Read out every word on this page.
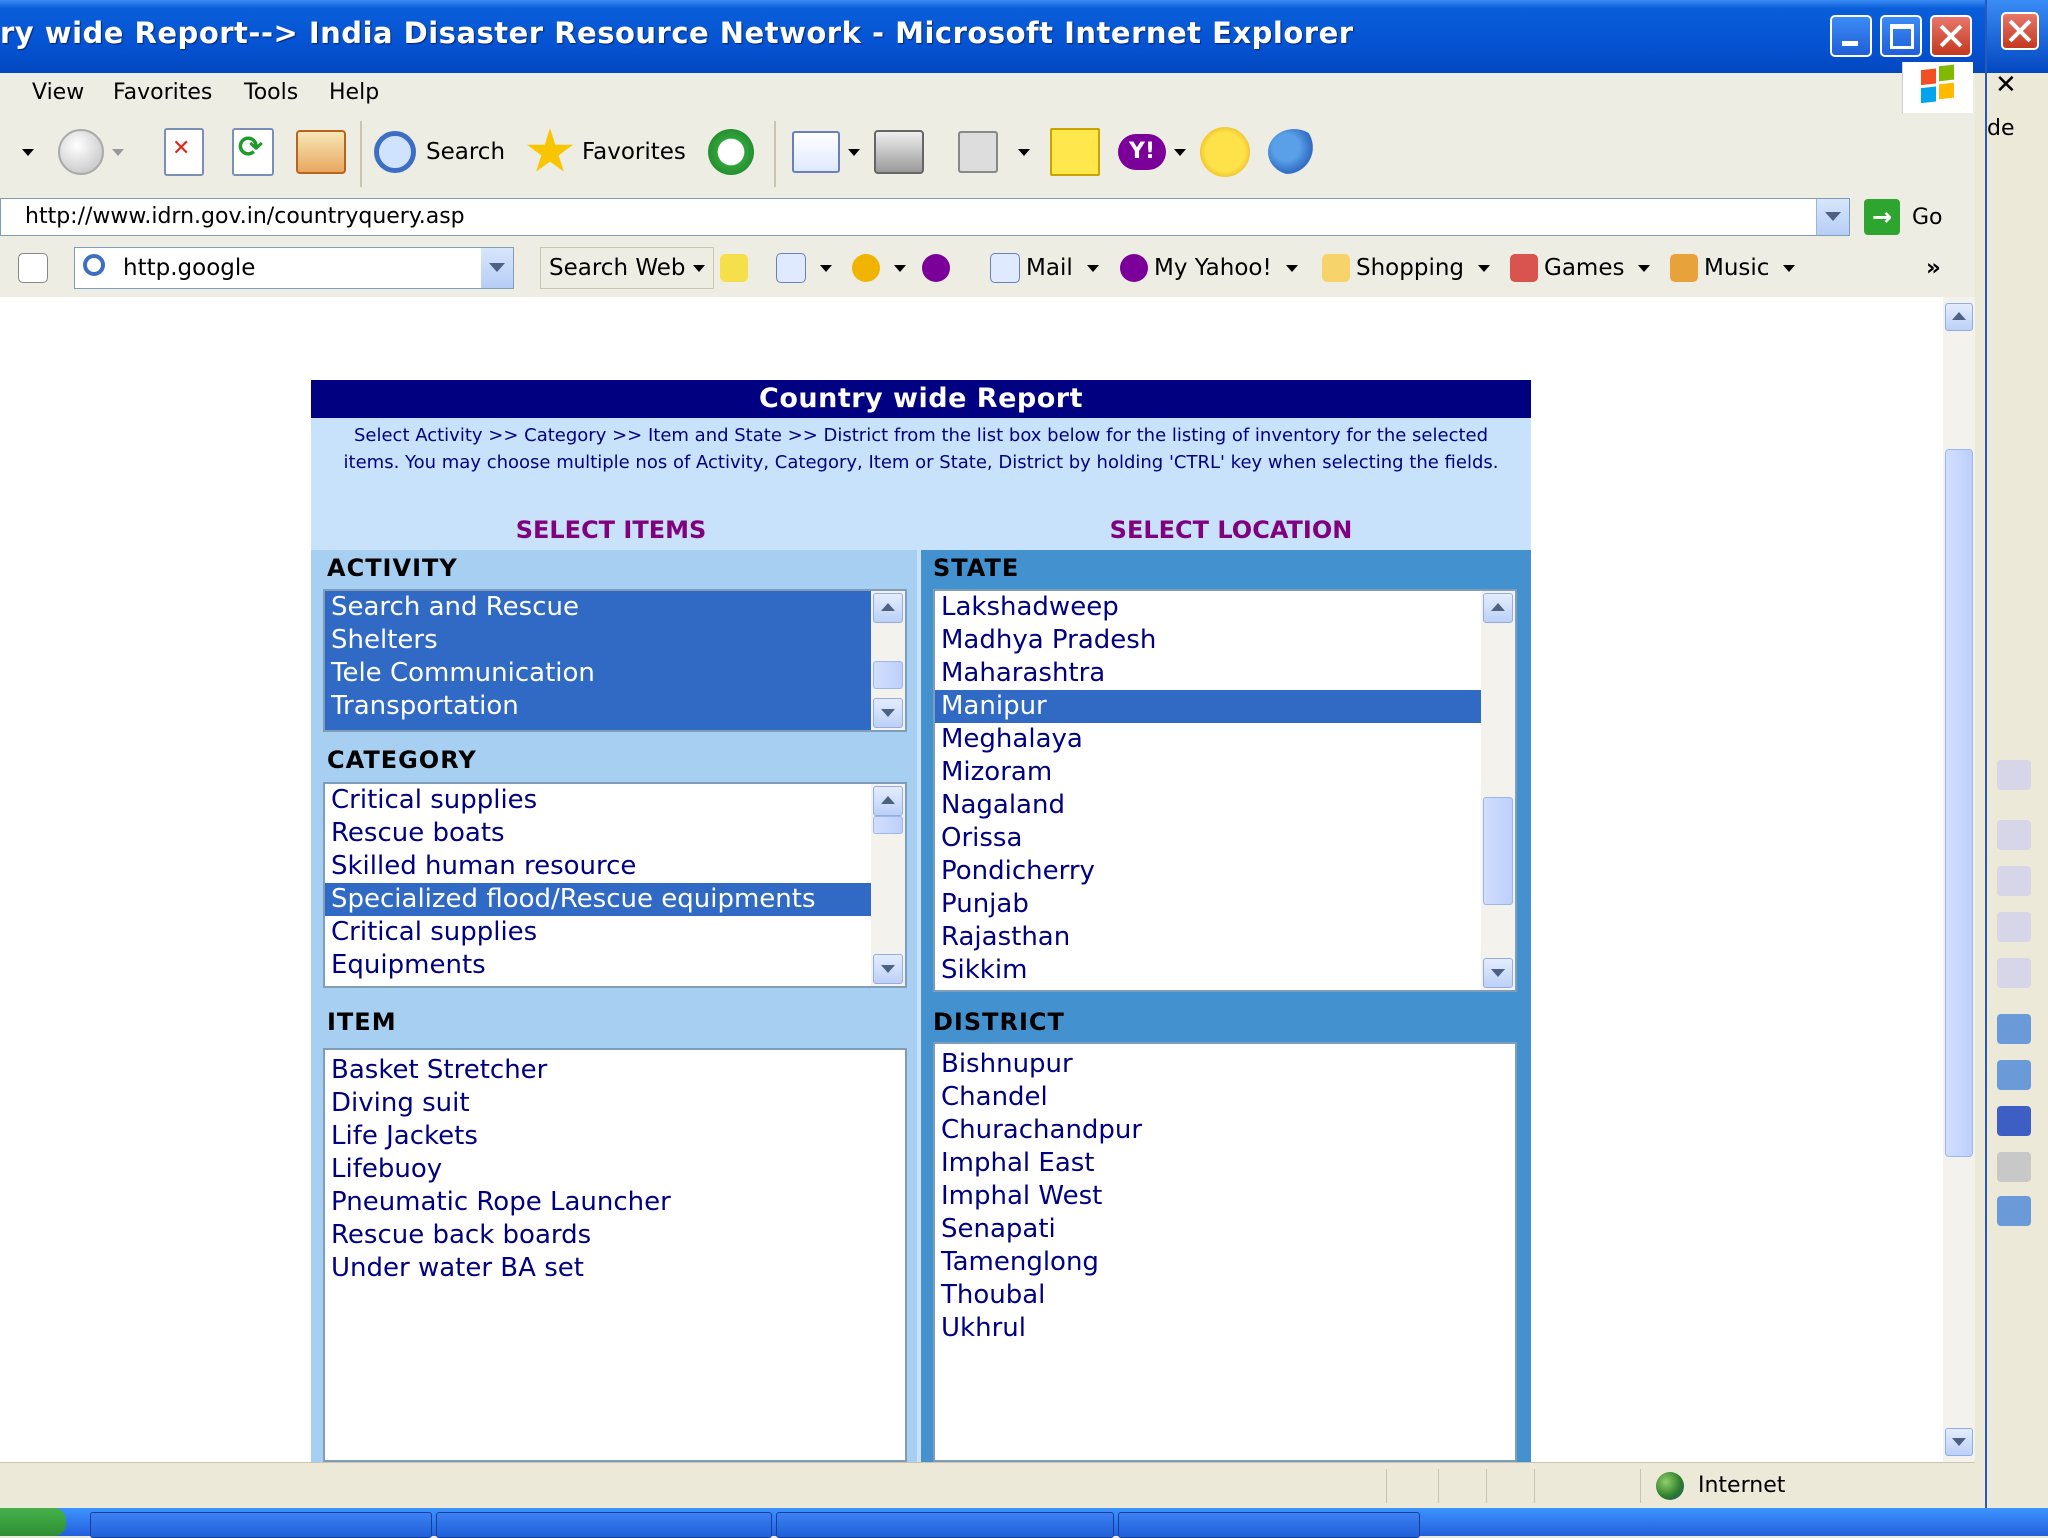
ry wide Report--> India Disaster Resource Network - Microsoft Internet Explorer
View Favorites Tools Help
✕
⟳
Search	Favorites	Y!
http://www.idrn.gov.in/countryquery.asp	→ Go
http.google	Search Web	Mail	My Yahoo!	Shopping	Games	Music	»
Country wide Report
Select Activity >> Category >> Item and State >> District from the list box below for the listing of inventory for the selected items. You may choose multiple nos of Activity, Category, Item or State, District by holding 'CTRL' key when selecting the fields.
SELECT ITEMS	SELECT LOCATION
ACTIVITY
Search and Rescue
Shelters
Tele Communication
Transportation
CATEGORY
Critical supplies
Rescue boats
Skilled human resource
Specialized flood/Rescue equipments
Critical supplies
Equipments
ITEM
Basket Stretcher
Diving suit
Life Jackets
Lifebuoy
Pneumatic Rope Launcher
Rescue back boards
Under water BA set
STATE
Lakshadweep
Madhya Pradesh
Maharashtra
Manipur
Meghalaya
Mizoram
Nagaland
Orissa
Pondicherry
Punjab
Rajasthan
Sikkim
DISTRICT
Bishnupur
Chandel
Churachandpur
Imphal East
Imphal West
Senapati
Tamenglong
Thoubal
Ukhrul
Internet
✕
de
